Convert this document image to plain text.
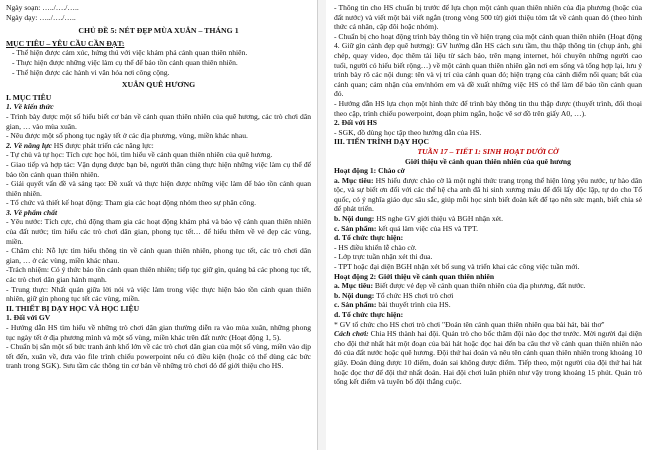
Ngày soạn: …../…./…..

Ngày dạy: …../…./…..

CHỦ ĐỀ 5: NÉT ĐẸP MÙA XUÂN – THÁNG 1

MỤC TIÊU – YÊU CẦU CẦN ĐẠT:

- Thể hiện được cảm xúc, hứng thú với việc khám phá cảnh quan thiên nhiên.

- Thực hiện được những việc làm cụ thể để bảo tồn cảnh quan thiên nhiên.

- Thể hiện được các hành vi văn hóa nơi công cộng.

XUÂN QUÊ HƯƠNG

I. MỤC TIÊU

1. Về kiến thức

- Trình bày được một số hiểu biết cơ bản về cảnh quan thiên nhiên của quê hương, các trò chơi dân gian, … vào mùa xuân.

- Nêu được một số phong tục ngày tết ở các địa phương, vùng, miền khác nhau.

2. Về năng lực HS được phát triển các năng lực:

- Tự chủ và tự học: Tích cực học hỏi, tìm hiểu về cảnh quan thiên nhiên của quê hương.

- Giao tiếp và hợp tác: Vận dụng được bạn bè, người thân cùng thực hiện những việc làm cụ thể để bảo tồn cảnh quan thiên nhiên.

- Giải quyết vấn đề và sáng tạo: Đề xuất và thực hiện được những việc làm để bảo tồn cảnh quan thiên nhiên.

- Tổ chức và thiết kế hoạt động: Tham gia các hoạt động nhóm theo sự phân công.

3. Về phẩm chất

- Yêu nước: Tích cực, chủ động tham gia các hoạt động khám phá và bảo vệ cảnh quan thiên nhiên của đất nước; tìm hiểu các trò chơi dân gian, phong tục tết… để hiểu thêm về vẻ đẹp các vùng, miền.

- Chăm chỉ: Nỗ lực tìm hiểu thông tin về cảnh quan thiên nhiên, phong tục tết, các trò chơi dân gian, … ở các vùng, miền khác nhau.

-Trách nhiệm: Có ý thức bảo tồn cảnh quan thiên nhiên; tiếp tục giữ gìn, quảng bá các phong tục tết, các trò chơi dân gian hành mạnh.

- Trung thực: Nhất quán giữa lời nói và việc làm trong việc thực hiện bảo tồn cảnh quan thiên nhiên, giữ gìn phong tục tết các vùng, miền.

II. THIẾT BỊ DẠY HỌC VÀ HỌC LIỆU

1. Đối với GV

- Hướng dẫn HS tìm hiểu về những trò chơi dân gian thường diễn ra vào mùa xuân, những phong tục ngày tết ở địa phương mình và một số vùng, miền khác trên đất nước (Hoạt động 1, 5).

- Chuẩn bị sẵn một số bức tranh ảnh khổ lớn về các trò chơi dân gian của một số vùng, miền vào dịp tết đến, xuân về, đưa vào file trình chiếu powerpoint nếu có điều kiện (hoặc có thể dùng các bức tranh trong SGK). Sưu tầm các thông tin cơ bản về những trò chơi đó để giới thiệu cho HS.

- Thông tin cho HS chuẩn bị trước để lựa chọn một cảnh quan thiên nhiên của địa phương (hoặc của đất nước) và viết một bài viết ngắn (trong vòng 500 từ) giới thiệu tóm tắt về cảnh quan đó (theo hình thức cá nhân, cặp đôi hoặc nhóm).

- Chuẩn bị cho hoạt động trình bày thông tin về hiện trạng của một cảnh quan thiên nhiên (Hoạt động 4. Giữ gìn cảnh đẹp quê hương): GV hướng dẫn HS cách sưu tầm, thu thập thông tin (chụp ảnh, ghi chép, quay video, đọc thêm tài liệu từ sách báo, trên mạng internet, hỏi chuyên những người cao tuổi, người có hiểu biết rộng…) về một cảnh quan thiên nhiên gần nơi em sống và tổng hợp lại, lưu ý trình bày rõ các nội dung: tên và vị trí của cảnh quan đó; hiện trạng của cảnh điểm nổi quan; bất của cảnh quan; cảm nhận của em/nhóm em và đề xuất những việc HS có thể làm để bảo tồn cảnh quan đó.

- Hướng dẫn HS lựa chọn một hình thức để trình bày thông tin thu thập được (thuyết trình, đối thoại theo cặp, trình chiếu powerpoint, đoạn phim ngắn, hoặc vẽ sơ đồ trên giấy A0, …).

2. Đối với HS

- SGK, đồ dùng học tập theo hướng dẫn của HS.

III. TIẾN TRÌNH DẠY HỌC

TUẦN 17 – TIẾT 1: SINH HOẠT DƯỚI CỜ

Giới thiệu về cảnh quan thiên nhiên của quê hương

Hoạt động 1: Chào cờ

a. Mục tiêu: HS hiểu được chào cờ là một nghi thức trang trọng thể hiện lòng yêu nước, tự hào dân tộc, và sự biết ơn đối với các thế hệ cha anh đã hi sinh xương máu để đổi lấy độc lập, tự do cho Tổ quốc, có ý nghĩa giáo dục sâu sắc, giúp mỗi học sinh biết đoàn kết để tạo nên sức mạnh, biết chia sẻ để phát triển.

b. Nội dung: HS nghe GV giới thiệu và BGH nhận xét.

c. Sản phẩm: kết quả làm việc của HS và TPT.

d. Tổ chức thực hiện:

- HS điều khiển lễ chào cờ.

- Lớp trực tuần nhận xét thi đua.

- TPT hoặc đại diện BGH nhận xét bổ sung và triển khai các công việc tuần mới.

Hoạt động 2: Giới thiệu về cảnh quan thiên nhiên

a. Mục tiêu: Biết được vẻ đẹp về cảnh quan thiên nhiên của địa phương, đất nước.

b. Nội dung: Tổ chức HS chơi trò chơi

c. Sản phẩm: bài thuyết trình của HS.

d. Tổ chức thực hiện:

* GV tổ chức cho HS chơi trò chơi "Đoán tên cảnh quan thiên nhiên qua bài hát, bài thơ"

Cách chơi: Chia HS thành hai đội. Quản trò cho bốc thăm đội nào đọc thơ trước. Mời người đại diện cho đội thứ nhất hát một đoạn của bài hát hoặc đọc hai đến ba câu thơ về cảnh quan thiên nhiên nào đó của đất nước hoặc quê hương. Đội thứ hai đoán và nêu tên cảnh quan thiên nhiên trong khoảng 10 giây. Đoán đúng được 10 điểm, đoán sai không được điểm. Tiếp theo, một người của đội thứ hai hát hoặc đọc thơ để đội thứ nhất đoán. Hai đội chơi luân phiên như vậy trong khoảng 15 phút. Quản trò tổng kết điểm và tuyên bố đội thắng cuộc.
